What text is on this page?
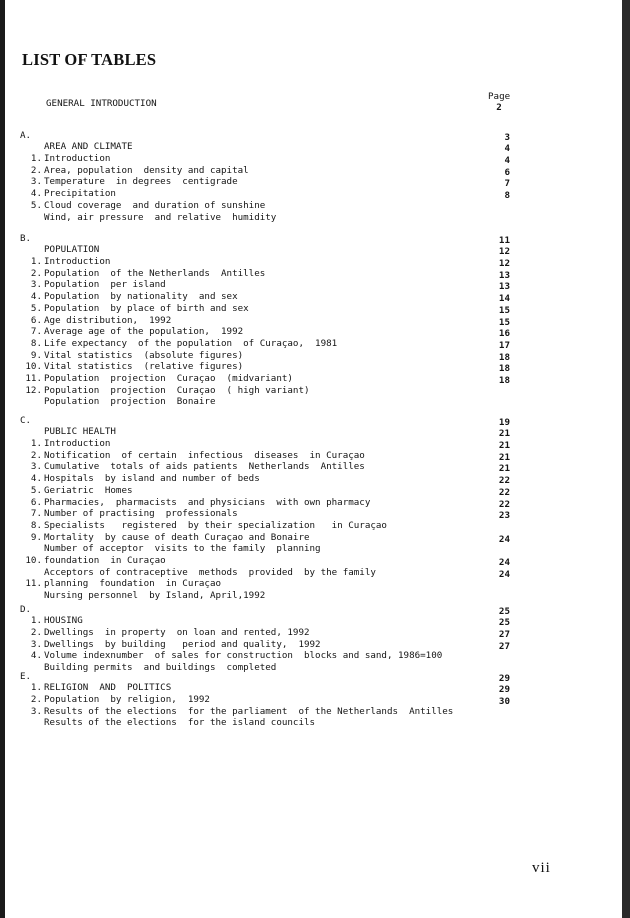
LIST OF TABLES
Page
2
GENERAL INTRODUCTION

A.

AREA AND CLIMATE

Introduction

3

1.

Area, population  density and capital

4

2.

Temperature  in degrees  centigrade

4

3.

Precipitation

6

4.

Cloud coverage  and duration of sunshine

7

5.

Wind, air pressure  and relative  humidity

8

B.

POPULATION

Introduction

11

1.

Population  of the Netherlands  Antilles

12

2.

Population  per island

12

3.

Population  by nationality  and sex

13

4.

Population  by place of birth and sex

13

5.

Age distribution,  1992

14

6.

Average age of the population,  1992

15

7.

Life expectancy  of the population  of Curaçao,  1981

15

8.

Vital statistics  (absolute figures)

16

9.

Vital statistics  (relative figures)

17

10.

Population  projection  Curaçao  (midvariant)

18

11.

Population  projection  Curaçao  ( high variant)

18

12.

Population  projection  Bonaire

18

C.

PUBLIC HEALTH

Introduction

19

1.

Notification  of certain  infectious  diseases  in Curaçao

21

2.

Cumulative  totals of aids patients  Netherlands  Antilles

21

3.

Hospitals  by island and number of beds

21

4.

Geriatric  Homes

21

5.

Pharmacies,  pharmacists  and physicians  with own pharmacy

22

6.

Number of practising  professionals

22

7.

Specialists   registered  by their specialization   in Curaçao

22

8.

Mortality  by cause of death Curaçao and Bonaire

23

9.

Number of acceptor  visits to the family  planning

foundation  in Curaçao

24

10.

Acceptors of contraceptive  methods  provided  by the family

planning  foundation  in Curaçao

24

11.

Nursing personnel  by Island, April,1992

24

D.

HOUSING

1.

Dwellings  in property  on loan and rented, 1992

25

2.

Dwellings  by building   period and quality,  1992

25

3.

Volume indexnumber  of sales for construction  blocks and sand, 1986=100

27

4.

Building permits  and buildings  completed

27

E.

RELIGION  AND  POLITICS

1.

Population  by religion,  1992

29

2.

Results of the elections  for the parliament  of the Netherlands  Antilles

29

3.

Results of the elections  for the island councils

30
vii
